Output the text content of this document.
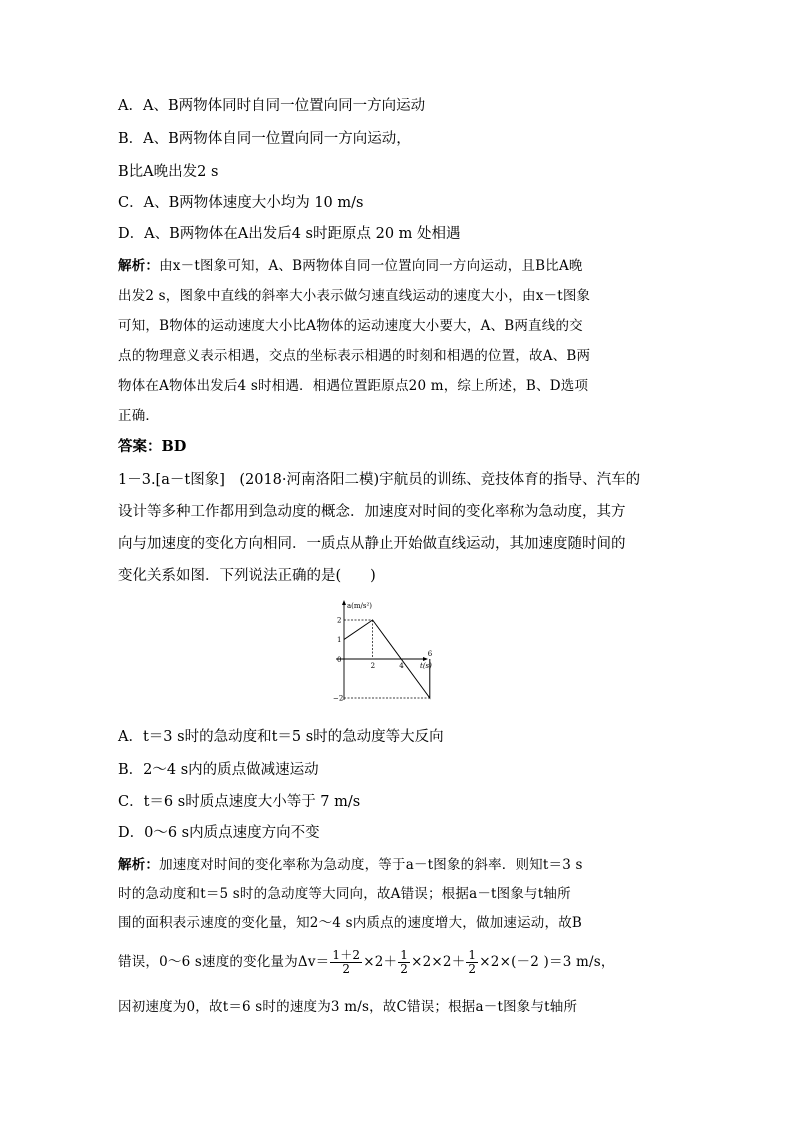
A．A、B两物体同时自同一位置向同一方向运动
B．A、B两物体自同一位置向同一方向运动，
B比A晚出发2 s
C．A、B两物体速度大小均为 10 m/s
D．A、B两物体在A出发后4 s时距原点 20 m 处相遇
解析：由x－t图象可知，A、B两物体自同一位置向同一方向运动，且B比A晚
出发2 s，图象中直线的斜率大小表示做匀速直线运动的速度大小，由x－t图象
可知，B物体的运动速度大小比A物体的运动速度大小要大，A、B两直线的交
点的物理意义表示相遇，交点的坐标表示相遇的时刻和相遇的位置，故A、B两
物体在A物体出发后4 s时相遇．相遇位置距原点20 m，综上所述，B、D选项
正确．
答案：BD
1－3.[a－t图象]　(2018·河南洛阳二模)宇航员的训练、竞技体育的指导、汽车的
设计等多种工作都用到急动度的概念．加速度对时间的变化率称为急动度，其方
向与加速度的变化方向相同．一质点从静止开始做直线运动，其加速度随时间的
变化关系如图．下列说法正确的是(　　)
a(m/s²)
t(s)
0
2	4
6
2
1
−2
A．t＝3 s时的急动度和t＝5 s时的急动度等大反向
B．2～4 s内的质点做减速运动
C．t＝6 s时质点速度大小等于 7 m/s
D．0～6 s内质点速度方向不变
解析：加速度对时间的变化率称为急动度，等于a－t图象的斜率．则知t＝3 s
时的急动度和t＝5 s时的急动度等大同向，故A错误；根据a－t图象与t轴所
围的面积表示速度的变化量，知2～4 s内质点的速度增大，做加速运动，故B
错误，0～6 s速度的变化量为$\Delta v= \frac{1+2}{2} \times 2+ \frac{1}{2} \times 2\times 2+ \frac{1}{2} \times 2\times(-2$ )＝3 m/s，
因初速度为0，故t＝6 s时的速度为3 m/s，故C错误；根据a－t图象与t轴所
